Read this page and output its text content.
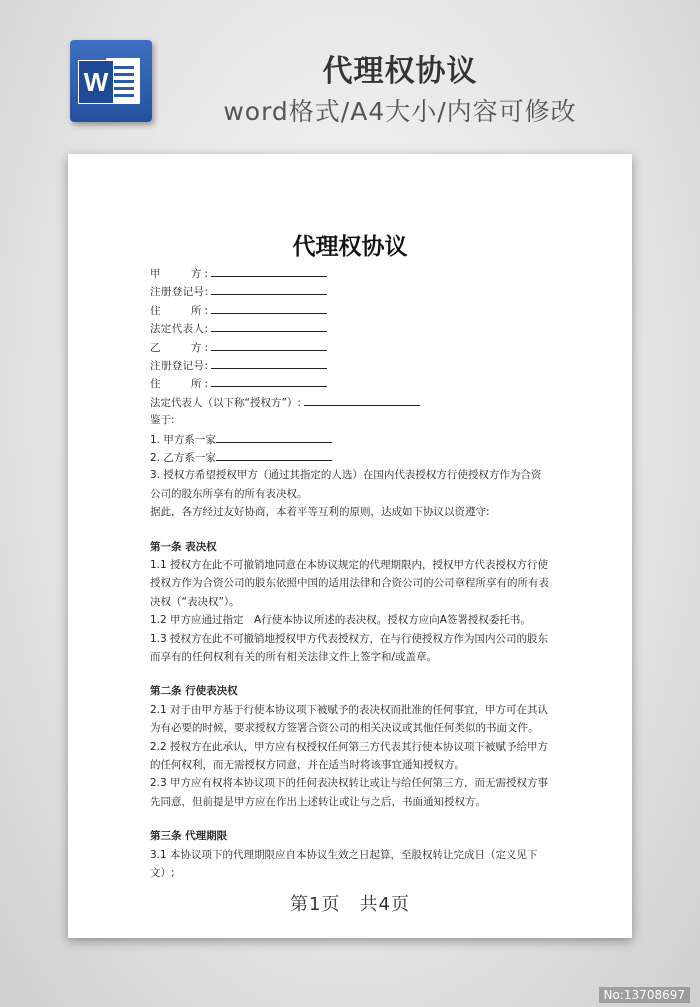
W	代理权协议
word格式/A4大小/内容可修改
代理权协议
甲　　方:
注册登记号:
住　　所:
法定代表人:
乙　　方:
注册登记号:
住　　所:
法定代表人（以下称“授权方”）:
鉴于:
1. 甲方系一家
2. 乙方系一家
3. 授权方希望授权甲方（通过其指定的人选）在国内代表授权方行使授权方作为合资公司的股东所享有的所有表决权。
据此，各方经过友好协商，本着平等互利的原则，达成如下协议以资遵守:
第一条 表决权
1.1 授权方在此不可撤销地同意在本协议规定的代理期限内，授权甲方代表授权方行使授权方作为合资公司的股东依照中国的适用法律和合资公司的公司章程所享有的所有表决权（“表决权”）。
1.2 甲方应通过指定　A行使本协议所述的表决权。授权方应向A签署授权委托书。
1.3 授权方在此不可撤销地授权甲方代表授权方，在与行使授权方作为国内公司的股东而享有的任何权利有关的所有相关法律文件上签字和/或盖章。
第二条 行使表决权
2.1 对于由甲方基于行使本协议项下被赋予的表决权而批准的任何事宜，甲方可在其认为有必要的时候，要求授权方签署合资公司的相关决议或其他任何类似的书面文件。
2.2 授权方在此承认，甲方应有权授权任何第三方代表其行使本协议项下被赋予给甲方的任何权利，而无需授权方同意，并在适当时将该事宜通知授权方。
2.3 甲方应有权将本协议项下的任何表决权转让或让与给任何第三方，而无需授权方事先同意，但前提是甲方应在作出上述转让或让与之后，书面通知授权方。
第三条 代理期限
3.1 本协议项下的代理期限应自本协议生效之日起算，至股权转让完成日（定义见下文）;
第1页　共4页
No:13708697
